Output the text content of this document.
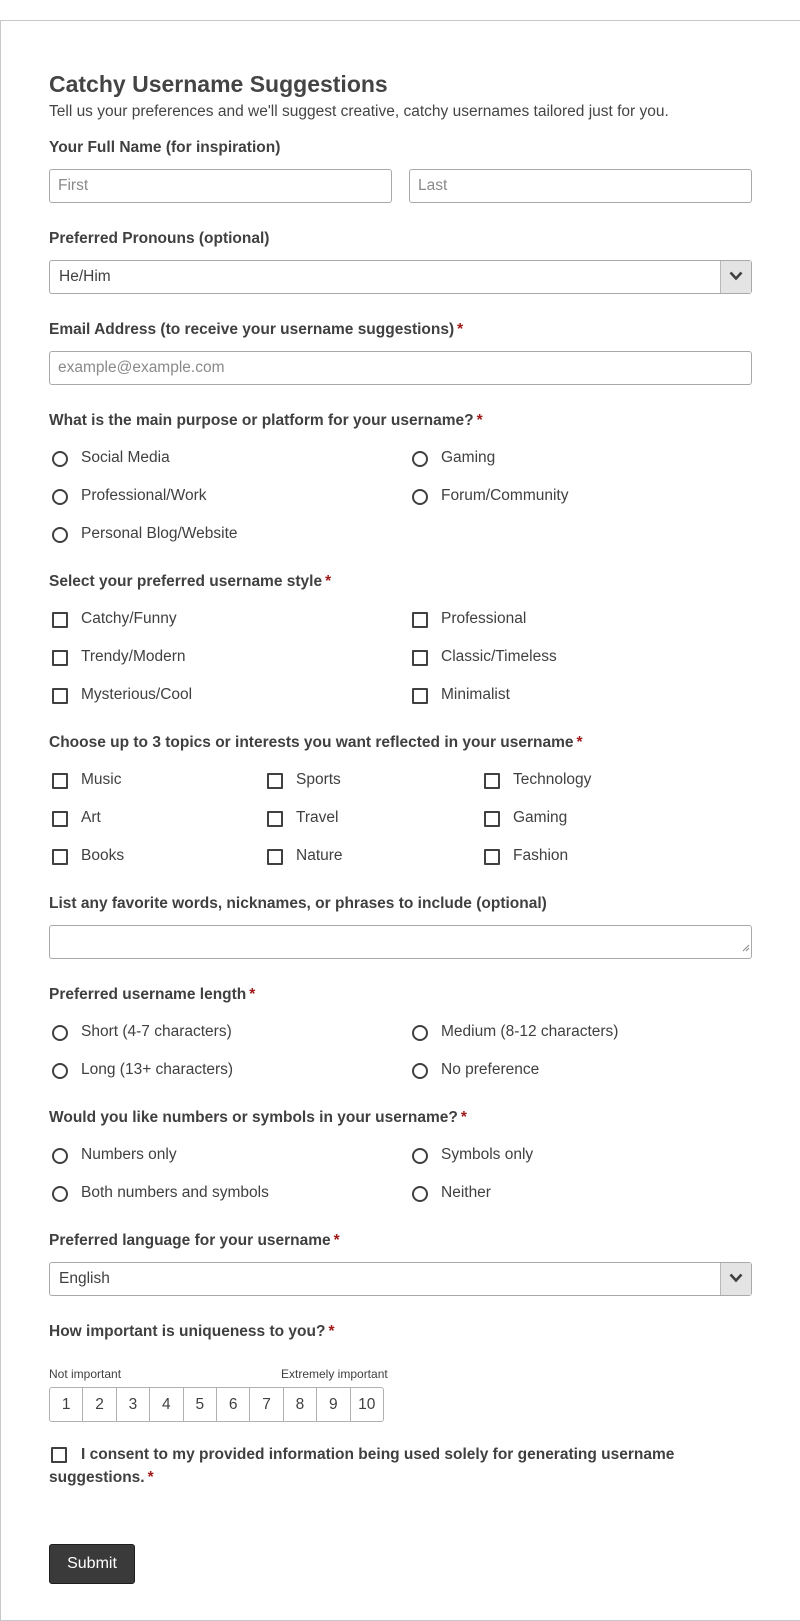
Catchy Username Suggestions
Tell us your preferences and we'll suggest creative, catchy usernames tailored just for you.
Your Full Name (for inspiration)
First
Last
Preferred Pronouns (optional)
He/Him
Email Address (to receive your username suggestions) *
example@example.com
What is the main purpose or platform for your username? *
Social Media	Gaming
Professional/Work	Forum/Community
Personal Blog/Website
Select your preferred username style *
Catchy/Funny	Professional
Trendy/Modern	Classic/Timeless
Mysterious/Cool	Minimalist
Choose up to 3 topics or interests you want reflected in your username *
Music	Sports	Technology
Art	Travel	Gaming
Books	Nature	Fashion
List any favorite words, nicknames, or phrases to include (optional)
Preferred username length *
Short (4-7 characters)	Medium (8-12 characters)
Long (13+ characters)	No preference
Would you like numbers or symbols in your username? *
Numbers only	Symbols only
Both numbers and symbols	Neither
Preferred language for your username *
English
How important is uniqueness to you? *
Not important	Extremely important
1	2	3	4	5	6	7	8	9	10
I consent to my provided information being used solely for generating username suggestions. *
Submit
